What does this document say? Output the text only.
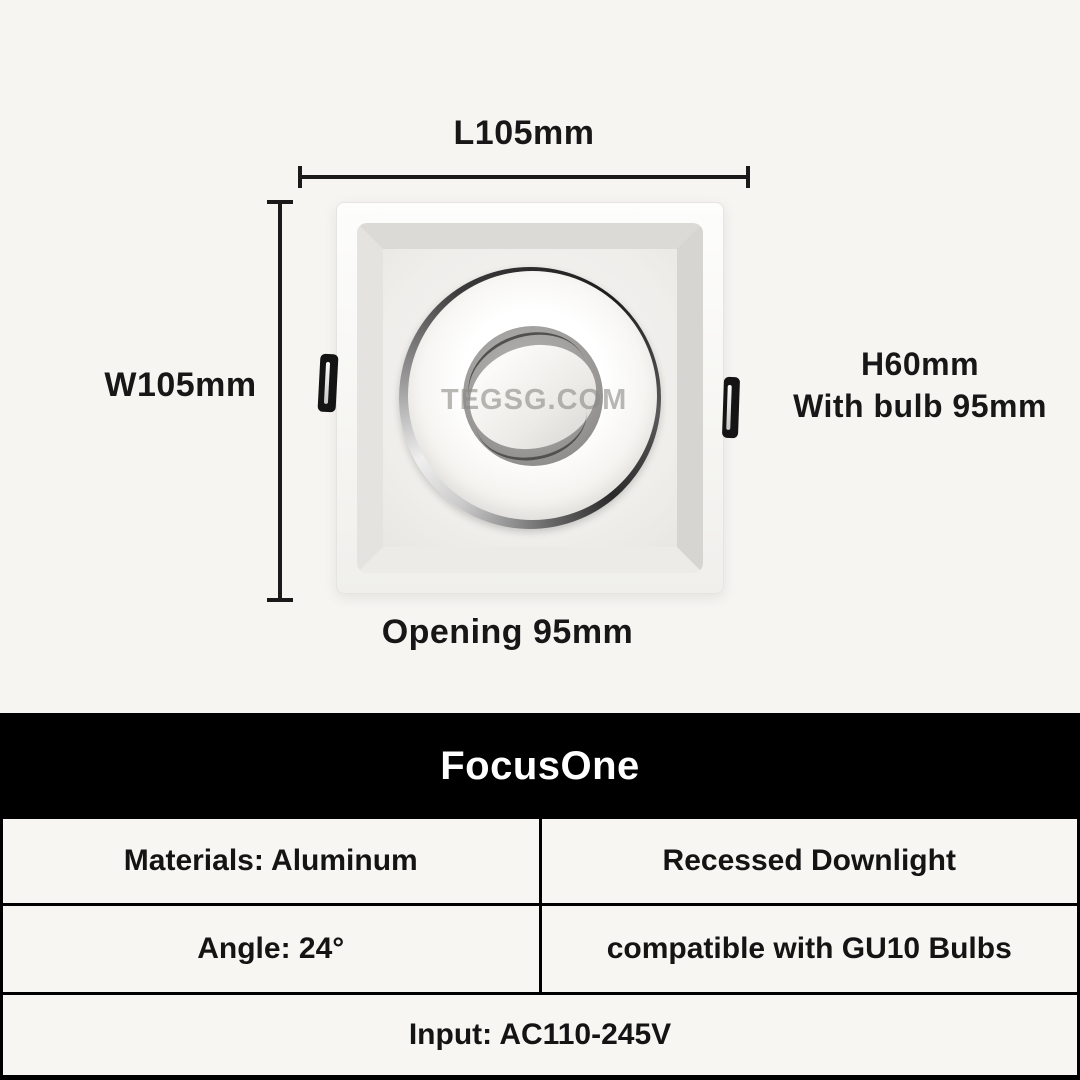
L105mm
W105mm
H60mm
With bulb 95mm
Opening 95mm
TEGSG.COM
FocusOne
Materials: Aluminum	Recessed Downlight
Angle: 24°	compatible with GU10 Bulbs
Input: AC110-245V
